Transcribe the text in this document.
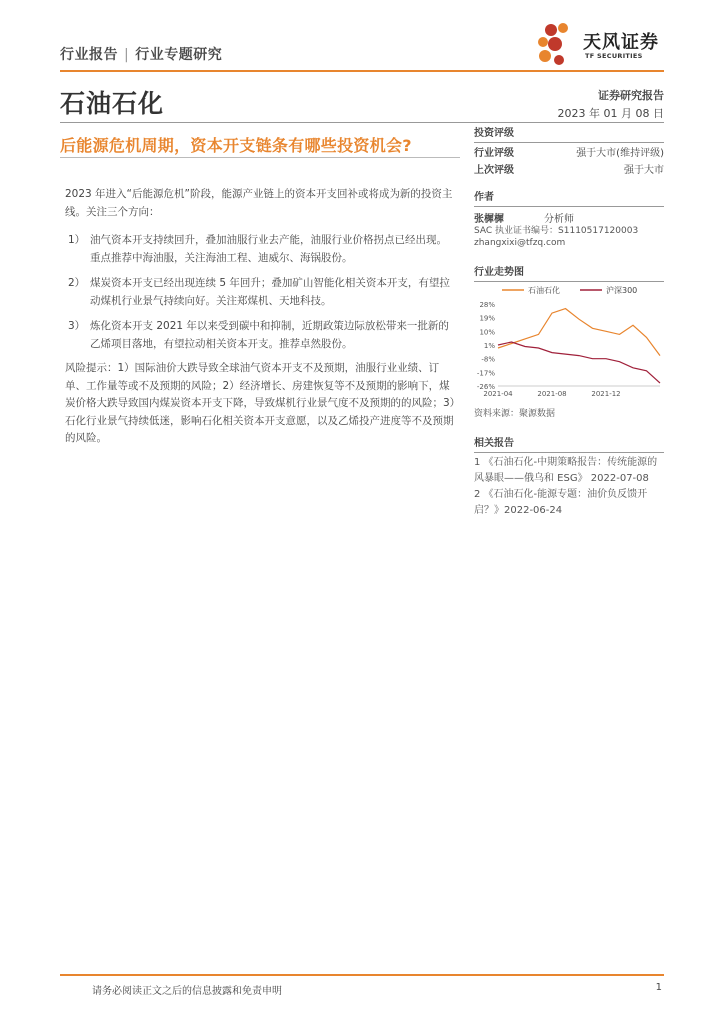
行业报告 | 行业专题研究
天风证券
TF SECURITIES
石油石化	证券研究报告
2023 年 01 月 08 日
后能源危机周期，资本开支链条有哪些投资机会?
2023 年进入“后能源危机”阶段，能源产业链上的资本开支回补或将成为新的投资主线。关注三个方向：
1） 油气资本开支持续回升，叠加油服行业去产能，油服行业价格拐点已经出现。重点推荐中海油服，关注海油工程、迪威尔、海锅股份。
2） 煤炭资本开支已经出现连续 5 年回升；叠加矿山智能化相关资本开支，有望拉动煤机行业景气持续向好。关注郑煤机、天地科技。
3） 炼化资本开支 2021 年以来受到碳中和抑制，近期政策边际放松带来一批新的乙烯项目落地，有望拉动相关资本开支。推荐卓然股份。
风险提示：1）国际油价大跌导致全球油气资本开支不及预期，油服行业业绩、订单、工作量等或不及预期的风险；2）经济增长、房建恢复等不及预期的影响下，煤炭价格大跌导致国内煤炭资本开支下降，导致煤机行业景气度不及预期的的风险；3）石化行业景气持续低迷，影响石化相关资本开支意愿，以及乙烯投产进度等不及预期的风险。
投资评级
行业评级	强于大市(维持评级)
上次评级	强于大市
作者
张樨樨	分析师
SAC 执业证书编号：S1110517120003
zhangxixi@tfzq.com
行业走势图
石油石化	沪深300
28%
19%
10%
1%
-8%
-17%
-26%
2021-04	2021-08	2021-12
资料来源：聚源数据
相关报告
1 《石油石化-中期策略报告：传统能源的风暴眼——俄乌和 ESG》 2022-07-08
2 《石油石化-能源专题：油价负反馈开启？》2022-06-24
请务必阅读正文之后的信息披露和免责申明	1
